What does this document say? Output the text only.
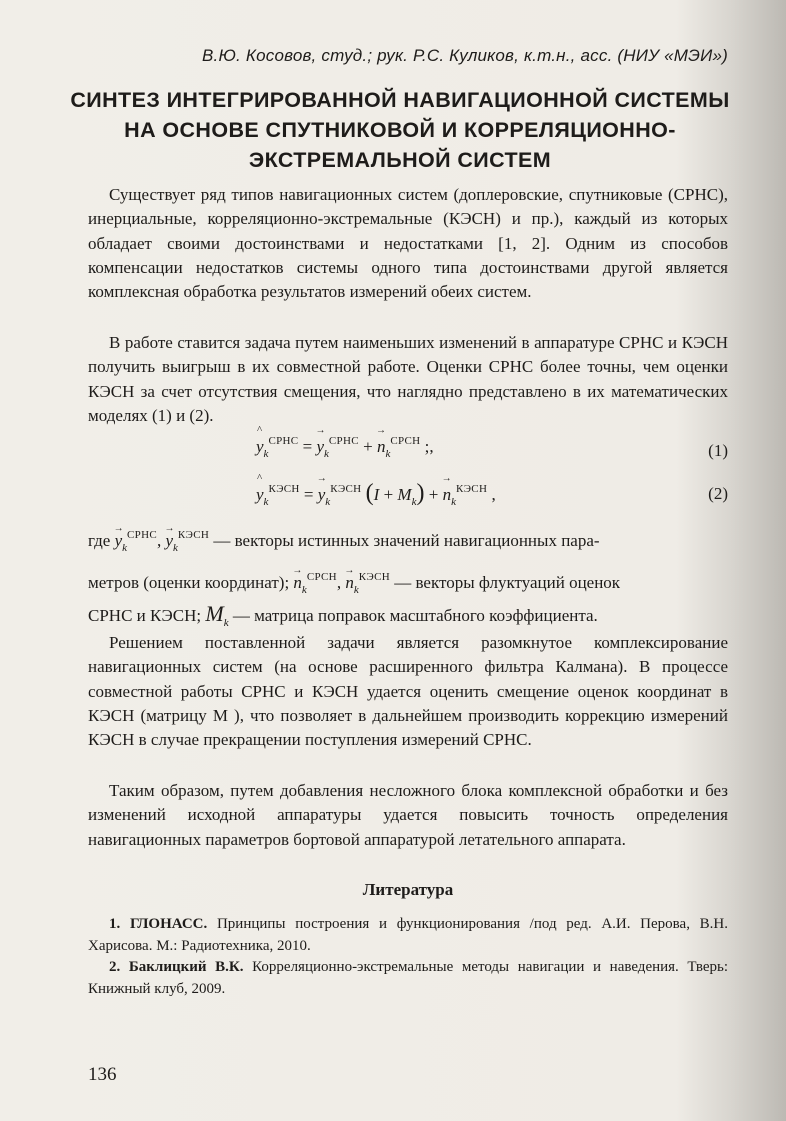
В.Ю. Косовов, студ.; рук. Р.С. Куликов, к.т.н., асс. (НИУ «МЭИ»)
СИНТЕЗ ИНТЕГРИРОВАННОЙ НАВИГАЦИОННОЙ СИСТЕМЫ
НА ОСНОВЕ СПУТНИКОВОЙ И КОРРЕЛЯЦИОННО-
ЭКСТРЕМАЛЬНОЙ СИСТЕМ

Существует ряд типов навигационных систем (доплеровские, спутниковые (СРНС), инерциальные, корреляционно-экстремальные (КЭСН) и пр.), каждый из которых обладает своими достоинствами и недостатками [1, 2]. Одним из способов компенсации недостатков системы одного типа достоинствами другой является комплексная обработка результатов измерений обеих систем.

В работе ставится задача путем наименьших изменений в аппаратуре СРНС и КЭСН получить выигрыш в их совместной работе. Оценки СРНС более точны, чем оценки КЭСН за счет отсутствия смещения, что наглядно представлено в их математических моделях (1) и (2).

^ $y_k^{СРНС}$ = → $y_k^{СРНС}$ + → $n_k^{СРСН}$ ;,	(1)
^ $y_k^{КЭСН}$ = → $y_k^{КЭСН}$ $(I + M_k)$ + → $n_k^{КЭСН}$ ,	(2)
где → $y_k^{СРНС}$, → $y_k^{КЭСН}$ — векторы истинных значений навигационных пара-
метров (оценки координат); → $n_k^{СРСН}$, → $n_k^{КЭСН}$ — векторы флуктуаций оценок
СРНС и КЭСН; $M_k$ — матрица поправок масштабного коэффициента.

Решением поставленной задачи является разомкнутое комплексирование навигационных систем (на основе расширенного фильтра Калмана). В процессе совместной работы СРНС и КЭСН удается оценить смещение оценок координат в КЭСН (матрицу M ), что позволяет в дальнейшем производить коррекцию измерений КЭСН в случае прекращении поступления измерений СРНС.

Таким образом, путем добавления несложного блока комплексной обработки и без изменений исходной аппаратуры удается повысить точность определения навигационных параметров бортовой аппаратурой летательного аппарата.

Литература

1. ГЛОНАСС. Принципы построения и функционирования /под ред. А.И. Перова, В.Н. Харисова. М.: Радиотехника, 2010.

2. Баклицкий В.К. Корреляционно-экстремальные методы навигации и наведения. Тверь: Книжный клуб, 2009.

136
